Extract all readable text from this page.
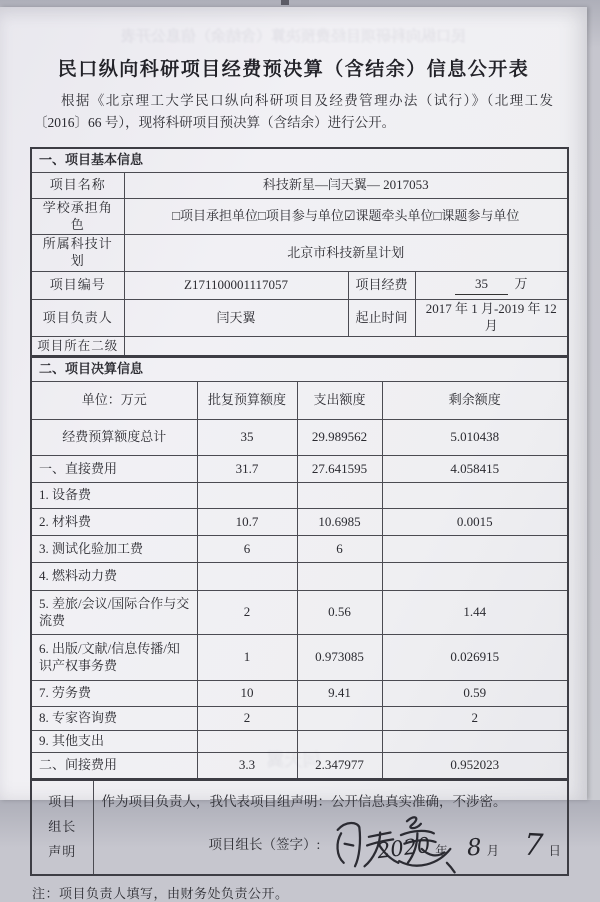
民口纵向科研项目经费预决算（含结余）信息公开表
民口纵向科研项目经费预决算（含结余）信息公开表

根据《北京理工大学民口纵向科研项目及经费管理办法（试行）》（北理工发〔2016〕66 号），现将科研项目预决算（含结余）进行公开。

一、项目基本信息			
项目名称	科技新星—闫天翼— 2017053		
学校承担角色	□项目承担单位□项目参与单位☑课题牵头单位□课题参与单位		
所属科技计划	北京市科技新星计划		
项目编号	Z171100001117057	项目经费	35 万
项目负责人	闫天翼	起止时间	2017 年 1 月-2019 年 12 月
项目所在二级			
二、项目决算信息			
单位：万元	批复预算额度	支出额度	剩余额度
经费预算额度总计	35	29.989562	5.010438
一、直接费用	31.7	27.641595	4.058415
1. 设备费			
2. 材料费	10.7	10.6985	0.0015
3. 测试化验加工费	6	6	
4. 燃料动力费			
5. 差旅/会议/国际合作与交流费	2	0.56	1.44
6. 出版/文献/信息传播/知识产权事务费	1	0.973085	0.026915
7. 劳务费	10	9.41	0.59
8. 专家咨询费	2		2
9. 其他支出			
二、间接费用	3.3	2.347977	0.952023
项目
组长
声明

作为项目负责人，我代表项目组声明：公开信息真实准确，不涉密。

项目组长（签字）:	2020 年 8 月 7 日

注：项目负责人填写，由财务处负责公开。

闫天翼
